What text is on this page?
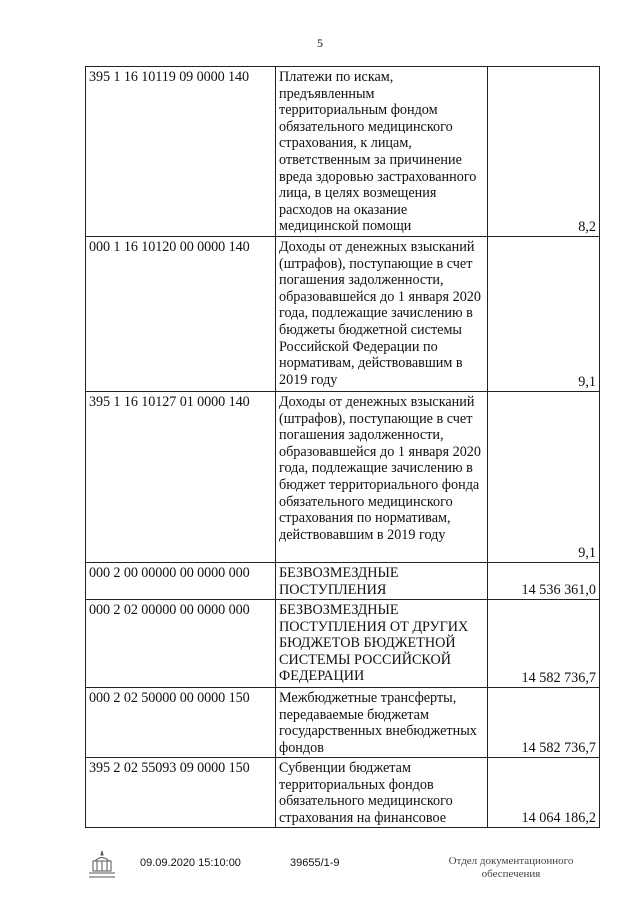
5
395 1 16 10119 09 0000 140	Платежи по искам, предъявленным территориальным фондом обязательного медицинского страхования, к лицам, ответственным за причинение вреда здоровью застрахованного лица, в целях возмещения расходов на оказание медицинской помощи	8,2
000 1 16 10120 00 0000 140	Доходы от денежных взысканий (штрафов), поступающие в счет погашения задолженности, образовавшейся до 1 января 2020 года, подлежащие зачислению в бюджеты бюджетной системы Российской Федерации по нормативам, действовавшим в 2019 году	9,1
395 1 16 10127 01 0000 140	Доходы от денежных взысканий (штрафов), поступающие в счет погашения задолженности, образовавшейся до 1 января 2020 года, подлежащие зачислению в бюджет территориального фонда обязательного медицинского страхования по нормативам, действовавшим в 2019 году	9,1
000 2 00 00000 00 0000 000	БЕЗВОЗМЕЗДНЫЕ ПОСТУПЛЕНИЯ	14 536 361,0
000 2 02 00000 00 0000 000	БЕЗВОЗМЕЗДНЫЕ ПОСТУПЛЕНИЯ ОТ ДРУГИХ БЮДЖЕТОВ БЮДЖЕТНОЙ СИСТЕМЫ РОССИЙСКОЙ ФЕДЕРАЦИИ	14 582 736,7
000 2 02 50000 00 0000 150	Межбюджетные трансферты, передаваемые бюджетам государственных внебюджетных фондов	14 582 736,7
395 2 02 55093 09 0000 150	Субвенции бюджетам территориальных фондов обязательного медицинского страхования на финансовое	14 064 186,2
09.09.2020 15:10:00	39655/1-9	Отдел документационного обеспечения
